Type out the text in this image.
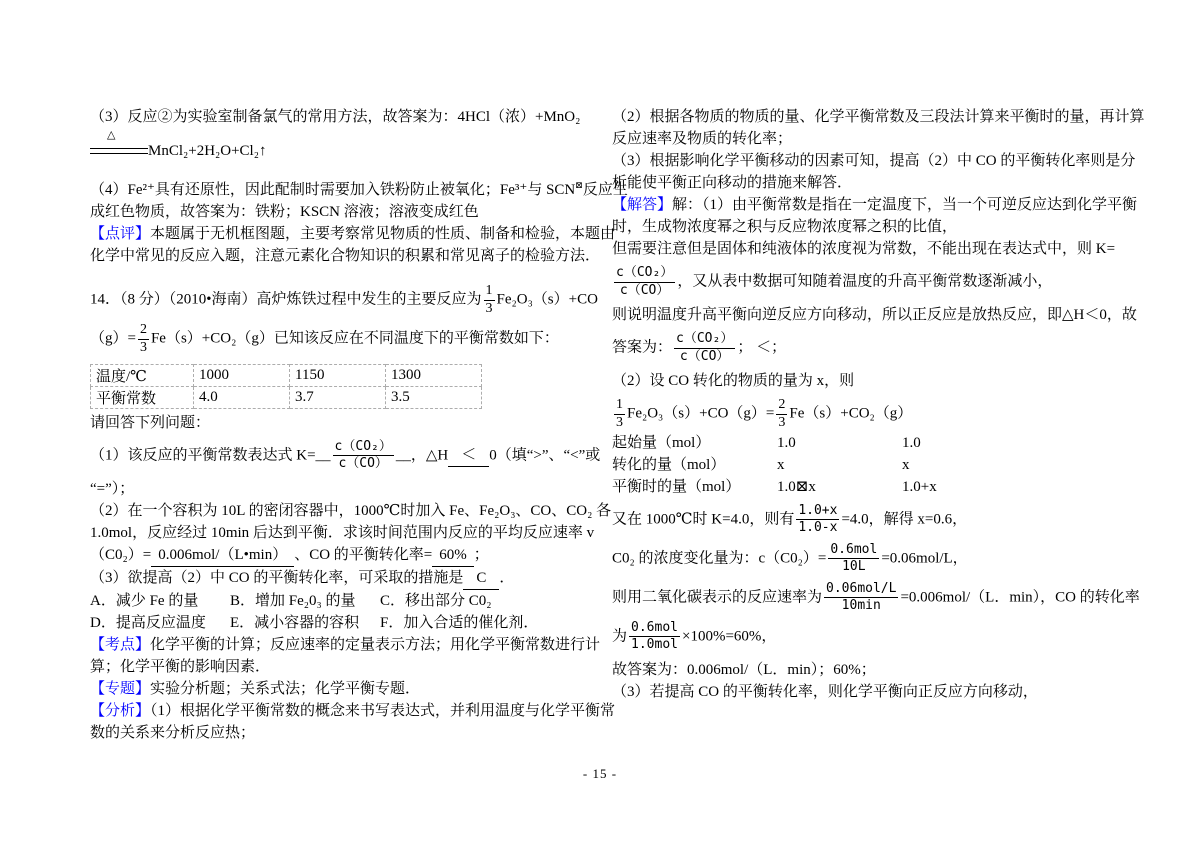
（3）反应②为实验室制备氯气的常用方法，故答案为：4HCl（浓）+MnO₂

△
MnCl₂+2H₂O+Cl₂↑

（4）Fe²⁺具有还原性，因此配制时需要加入铁粉防止被氧化；Fe³⁺与 SCN⊠反应生

成红色物质，故答案为：铁粉；KSCN 溶液；溶液变成红色

【点评】本题属于无机框图题，主要考察常见物质的性质、制备和检验，本题由

化学中常见的反应入题，注意元素化合物知识的积累和常见离子的检验方法．

14．（8 分）（2010•海南）高炉炼铁过程中发生的主要反应为 $\frac{1}{3} Fe_2O_3(s)+CO$

$(g)= \frac{2}{3} Fe(s)+CO_2(g)$已知该反应在不同温度下的平衡常数如下：

温度/℃	1000	1150	1300
平衡常数	4.0	3.7	3.5

请回答下列问题：

（1）该反应的平衡常数表达式 K=__ $\frac{\text{c（CO₂）}}{c(CO)}$ __，△H ＜ 0（填“>”、“<”或

“=”）；

（2）在一个容积为 10L 的密闭容器中，1000℃时加入 Fe、Fe₂O₃、CO、CO₂ 各

1.0mol，反应经过 10min 后达到平衡．求该时间范围内反应的平均反应速率 v

（C0₂）= 0.006mol/（L•min） 、CO 的平衡转化率= 60% ；

（3）欲提高（2）中 CO 的平衡转化率，可采取的措施是 C ．

A．减少 Fe 的量 B．增加 Fe₂0₃ 的量 C．移出部分 C0₂

D．提高反应温度 E．减小容器的容积 F．加入合适的催化剂．

【考点】化学平衡的计算；反应速率的定量表示方法；用化学平衡常数进行计

算；化学平衡的影响因素．

【专题】实验分析题；关系式法；化学平衡专题．

【分析】（1）根据化学平衡常数的概念来书写表达式，并利用温度与化学平衡常

数的关系来分析反应热；

（2）根据各物质的物质的量、化学平衡常数及三段法计算来平衡时的量，再计算

反应速率及物质的转化率；

（3）根据影响化学平衡移动的因素可知，提高（2）中 CO 的平衡转化率则是分

析能使平衡正向移动的措施来解答．

【解答】解：（1）由平衡常数是指在一定温度下，当一个可逆反应达到化学平衡

时，生成物浓度幂之积与反应物浓度幂之积的比值，

但需要注意但是固体和纯液体的浓度视为常数，不能出现在表达式中，则 K=

$\frac{\text{c（CO₂）}}{c(CO)}$ ，又从表中数据可知随着温度的升高平衡常数逐渐减小，

则说明温度升高平衡向逆反应方向移动，所以正反应是放热反应，即△H＜0，故

答案为： $\frac{\text{c（CO₂）}}{c(CO)}$ ； ＜；

（2）设 CO 转化的物质的量为 x，则

$\frac{1}{3} Fe_2O_3(s)+CO(g)= \frac{2}{3} Fe(s)+CO_2(g)$

起始量（mol）	1.0	1.0

转化的量（mol）	x	x

平衡时的量（mol） 1.0⊠x	1.0+x

又在 1000℃时 K=4.0，则有 $\frac{1.0+x}{1.0-x} =4.0$，解得 x=0.6，

C0₂ 的浓度变化量为：$c(C0_2)= \frac{\text{0.6mol}}{10L} =0.06mol/L$，

则用二氧化碳表示的反应速率为 $\frac{\text{0.06mol/L}}{10\min} =0.006mol/(L$．min），CO 的转化率

为 $\frac{\text{0.6mol}}{\text{1.0mol}} \times 100\%=60\%$，

故答案为：0.006mol/（L．min）；60%；

（3）若提高 CO 的平衡转化率，则化学平衡向正反应方向移动，

- 15 -
